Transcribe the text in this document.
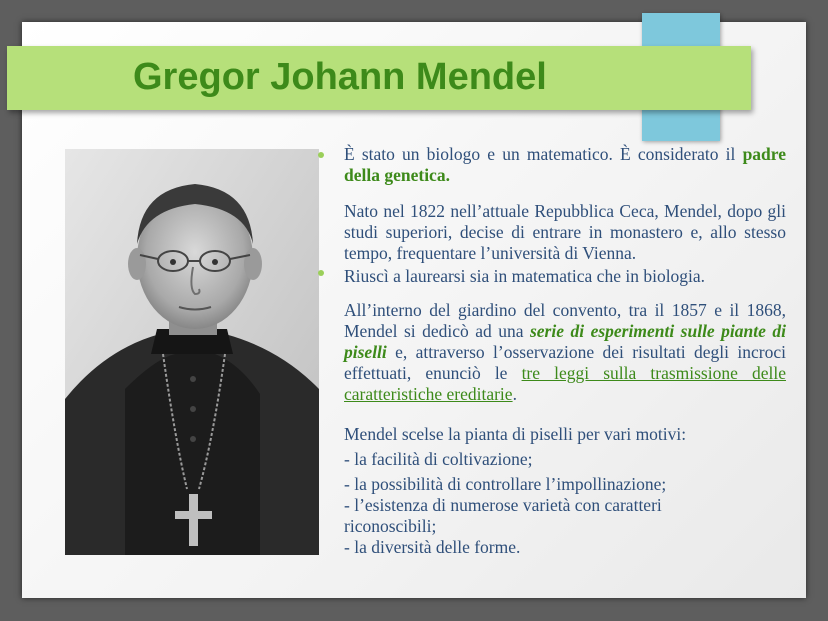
Gregor Johann Mendel

È stato un biologo e un matematico. È considerato il padre della genetica.

Nato nel 1822 nell’attuale Repubblica Ceca, Mendel, dopo gli studi superiori, decise di entrare in monastero e, allo stesso tempo, frequentare l’università di Vienna.

Riuscì a laurearsi sia in matematica che in biologia.

All’interno del giardino del convento, tra il 1857 e il 1868, Mendel si dedicò ad una serie di esperimenti sulle piante di piselli e, attraverso l’osservazione dei risultati degli incroci effettuati, enunciò le tre leggi sulla trasmissione delle caratteristiche ereditarie.

Mendel scelse la pianta di piselli per vari motivi:
- la facilità di coltivazione;
- la possibilità di controllare l’impollinazione;
- l’esistenza di numerose varietà con caratteri riconoscibili;
- la diversità delle forme.
